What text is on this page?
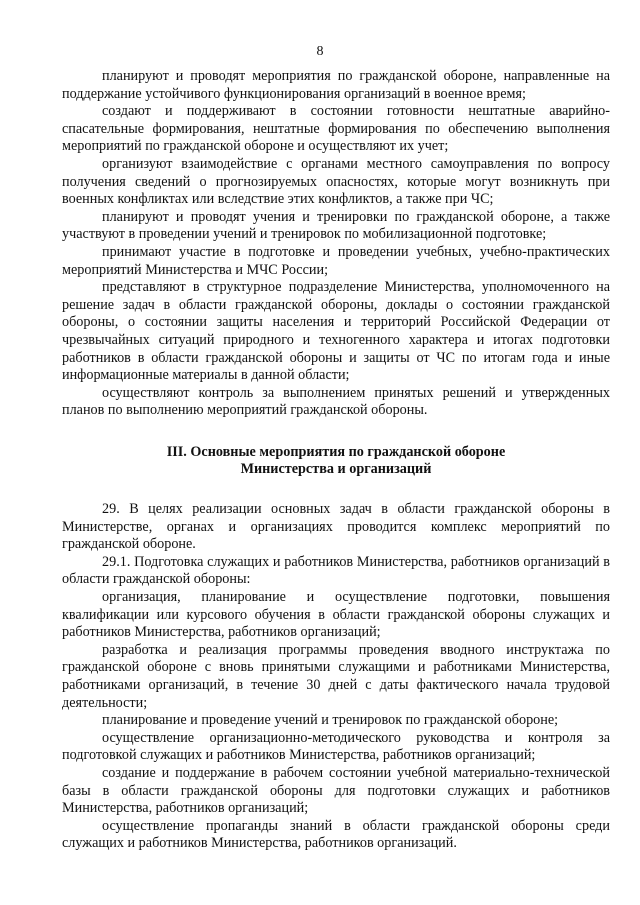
8

планируют и проводят мероприятия по гражданской обороне, направленные на поддержание устойчивого функционирования организаций в военное время;

создают и поддерживают в состоянии готовности нештатные аварийно-спасательные формирования, нештатные формирования по обеспечению выполнения мероприятий по гражданской обороне и осуществляют их учет;

организуют взаимодействие с органами местного самоуправления по вопросу получения сведений о прогнозируемых опасностях, которые могут возникнуть при военных конфликтах или вследствие этих конфликтов, а также при ЧС;

планируют и проводят учения и тренировки по гражданской обороне, а также участвуют в проведении учений и тренировок по мобилизационной подготовке;

принимают участие в подготовке и проведении учебных, учебно-практических мероприятий Министерства и МЧС России;

представляют в структурное подразделение Министерства, уполномоченного на решение задач в области гражданской обороны, доклады о состоянии гражданской обороны, о состоянии защиты населения и территорий Российской Федерации от чрезвычайных ситуаций природного и техногенного характера и итогах подготовки работников в области гражданской обороны и защиты от ЧС по итогам года и иные информационные материалы в данной области;

осуществляют контроль за выполнением принятых решений и утвержденных планов по выполнению мероприятий гражданской обороны.

III. Основные мероприятия по гражданской обороне
Министерства и организаций

29. В целях реализации основных задач в области гражданской обороны в Министерстве, органах и организациях проводится комплекс мероприятий по гражданской обороне.

29.1. Подготовка служащих и работников Министерства, работников организаций в области гражданской обороны:

организация, планирование и осуществление подготовки, повышения квалификации или курсового обучения в области гражданской обороны служащих и работников Министерства, работников организаций;

разработка и реализация программы проведения вводного инструктажа по гражданской обороне с вновь принятыми служащими и работниками Министерства, работниками организаций, в течение 30 дней с даты фактического начала трудовой деятельности;

планирование и проведение учений и тренировок по гражданской обороне;

осуществление организационно-методического руководства и контроля за подготовкой служащих и работников Министерства, работников организаций;

создание и поддержание в рабочем состоянии учебной материально-технической базы в области гражданской обороны для подготовки служащих и работников Министерства, работников организаций;

осуществление пропаганды знаний в области гражданской обороны среди служащих и работников Министерства, работников организаций.
